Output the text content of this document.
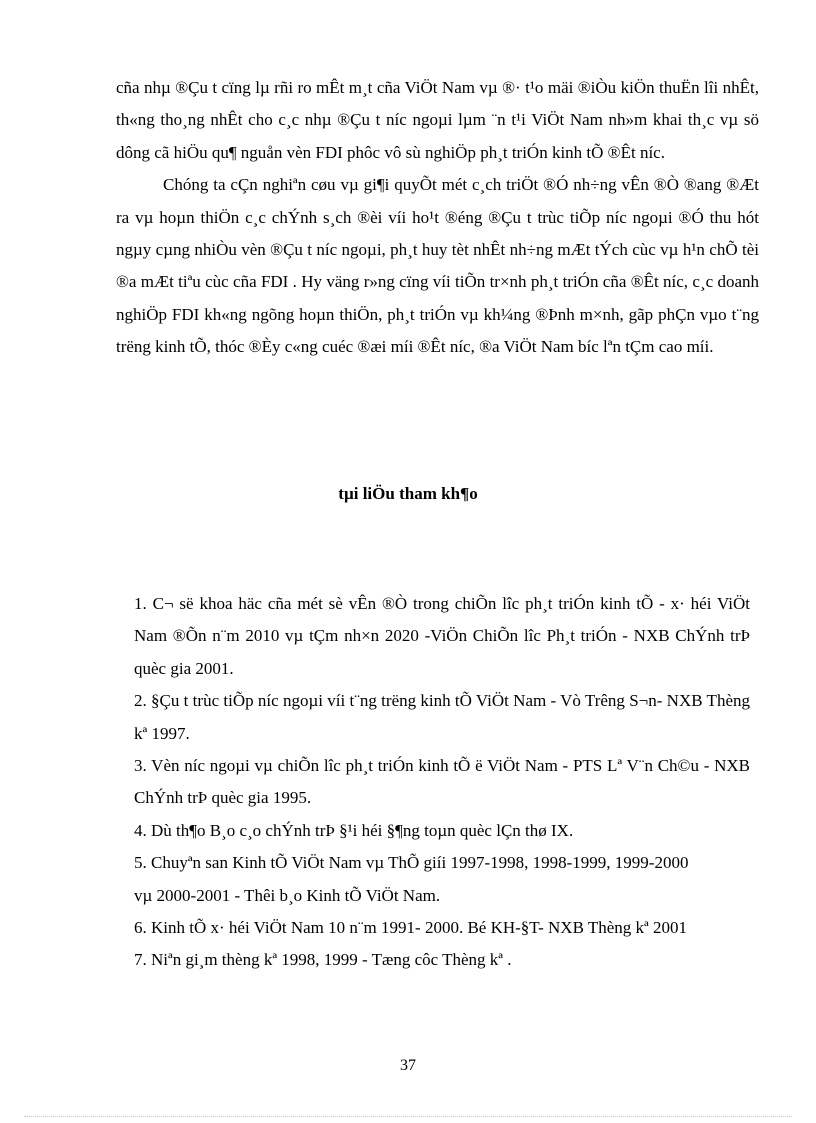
cña nhµ ®Çu t cïng lµ rñi ro mÊt m¸t cña ViÖt Nam vµ ®· t¹o mäi ®iÒu kiÖn thuËn lîi nhÊt, th«ng tho¸ng nhÊt cho c¸c nhµ ®Çu t níc ngoµi lµm ¨n t¹i ViÖt Nam nh»m khai th¸c vµ sö dông cã hiÖu qu¶ nguån vèn FDI phôc vô sù nghiÖp ph¸t triÓn kinh tÕ ®Êt níc.

Chóng ta cÇn nghiªn cøu vµ gi¶i quyÕt mét c¸ch triÖt ®Ó nh÷ng vÊn ®Ò ®ang ®Æt ra vµ hoµn thiÖn c¸c chÝnh s¸ch ®èi víi ho¹t ®éng ®Çu t trùc tiÕp níc ngoµi ®Ó thu hót ngµy cµng nhiÒu vèn ®Çu t níc ngoµi, ph¸t huy tèt nhÊt nh÷ng mÆt tÝch cùc vµ h¹n chÕ tèi ®a mÆt tiªu cùc cña FDI . Hy väng r»ng cïng víi tiÕn tr×nh ph¸t triÓn cña ®Êt níc, c¸c doanh nghiÖp FDI kh«ng ngõng hoµn thiÖn, ph¸t triÓn vµ kh¼ng ®Þnh m×nh, gãp phÇn vµo t¨ng trëng kinh tÕ, thóc ®Èy c«ng cuéc ®æi míi ®Êt níc, ®a ViÖt Nam bíc lªn tÇm cao míi.

tµi liÖu tham kh¶o

1. C¬ së khoa häc cña mét sè vÊn ®Ò trong chiÕn lîc ph¸t triÓn kinh tÕ - x· héi ViÖt Nam ®Õn n¨m 2010 vµ tÇm nh×n 2020 -ViÖn ChiÕn lîc Ph¸t triÓn - NXB ChÝnh trÞ quèc gia 2001.

2. §Çu t trùc tiÕp níc ngoµi víi t¨ng trëng kinh tÕ ViÖt Nam - Vò Trêng S¬n- NXB Thèng kª 1997.

3. Vèn níc ngoµi vµ chiÕn lîc ph¸t triÓn kinh tÕ ë ViÖt Nam - PTS Lª V¨n Ch©u - NXB ChÝnh trÞ quèc gia 1995.

4. Dù th¶o B¸o c¸o chÝnh trÞ §¹i héi §¶ng toµn quèc lÇn thø IX.

5. Chuyªn san Kinh tÕ ViÖt Nam vµ ThÕ giíi 1997-1998, 1998-1999, 1999-2000

vµ 2000-2001 - Thêi b¸o Kinh tÕ ViÖt Nam.

6. Kinh tÕ x· héi ViÖt Nam 10 n¨m 1991- 2000. Bé KH-§T- NXB Thèng kª 2001

7. Niªn gi¸m thèng kª 1998, 1999 - Tæng côc Thèng kª .

37
